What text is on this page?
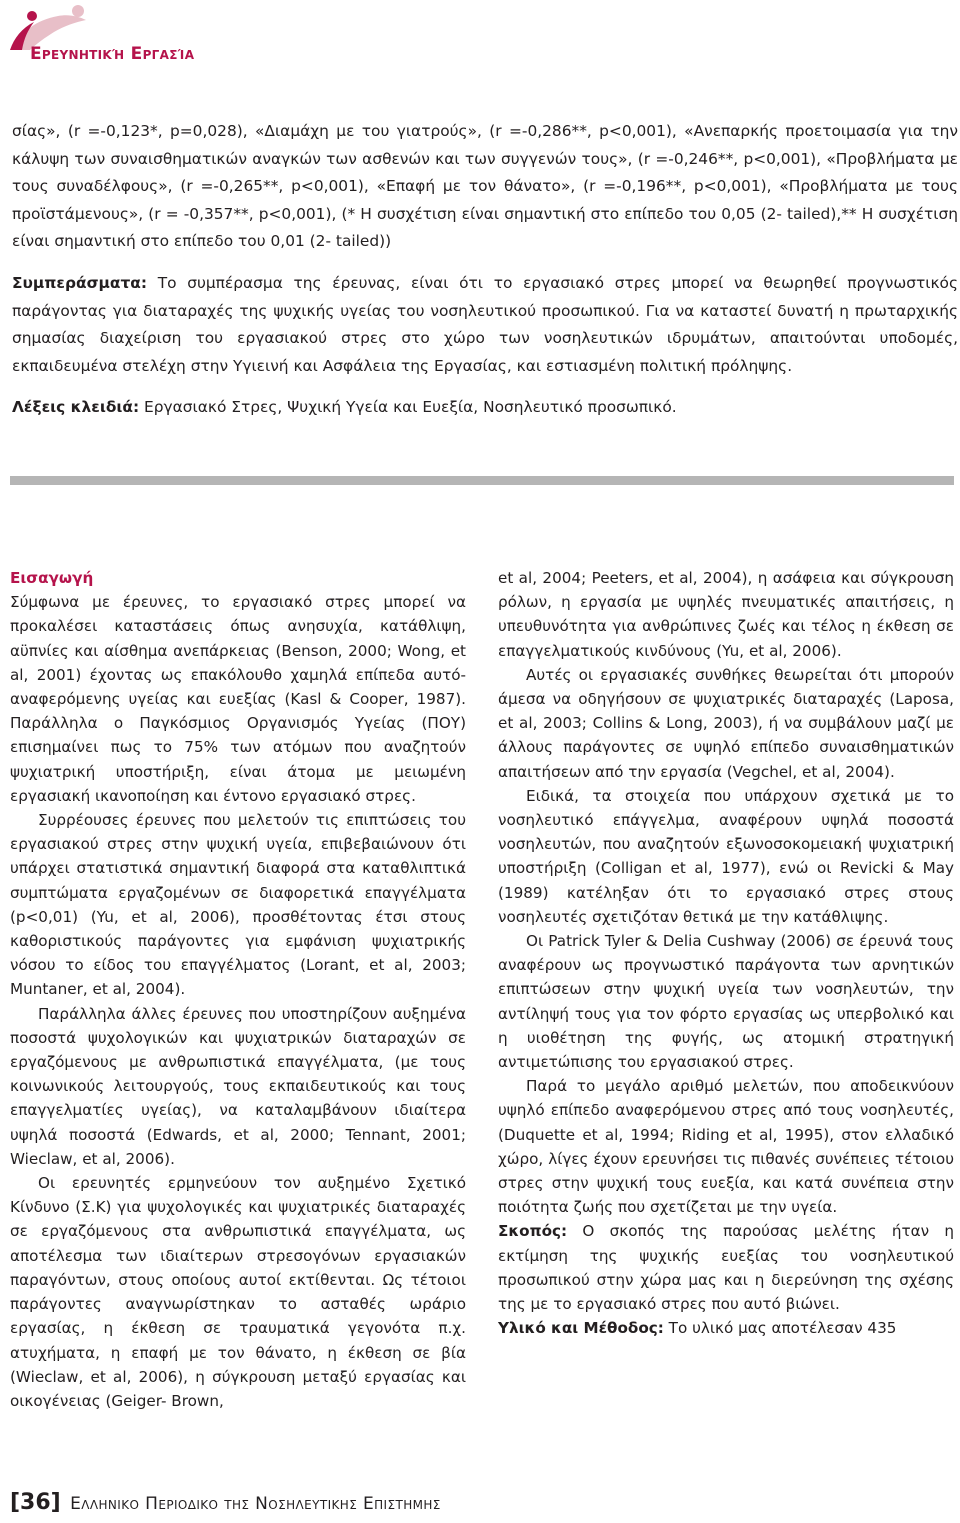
Ερευνητική Εργασία

σίας», (r =-0,123*, p=0,028), «Διαμάχη με του γιατρούς», (r =-0,286**, p<0,001), «Ανεπαρκής προετοιμασία για την κάλυψη των συναισθηματικών αναγκών των ασθενών και των συγγενών τους», (r =-0,246**, p<0,001), «Προβλήματα με τους συναδέλφους», (r =-0,265**, p<0,001), «Επαφή με τον θάνατο», (r =-0,196**, p<0,001), «Προβλήματα με τους προϊστάμενους», (r = -0,357**, p<0,001), (* Η συσχέτιση είναι σημαντική στο επίπεδο του 0,05 (2- tailed),** Η συσχέτιση είναι σημαντική στο επίπεδο του 0,01 (2- tailed))

Συμπεράσματα: Το συμπέρασμα της έρευνας, είναι ότι το εργασιακό στρες μπορεί να θεωρηθεί προγνωστικός παράγοντας για διαταραχές της ψυχικής υγείας του νοσηλευτικού προσωπικού. Για να καταστεί δυνατή η πρωταρχικής σημασίας διαχείριση του εργασιακού στρες στο χώρο των νοσηλευτικών ιδρυμάτων, απαιτούνται υποδομές, εκπαιδευμένα στελέχη στην Υγιεινή και Ασφάλεια της Εργασίας, και εστιασμένη πολιτική πρόληψης.

Λέξεις κλειδιά: Εργασιακό Στρες, Ψυχική Υγεία και Ευεξία, Νοσηλευτικό προσωπικό.

Εισαγωγή

Σύμφωνα με έρευνες, το εργασιακό στρες μπορεί να προκαλέσει καταστάσεις όπως ανησυχία, κατάθλιψη, αϋπνίες και αίσθημα ανεπάρκειας (Benson, 2000; Wong, et al, 2001) έχοντας ως επακόλουθο χαμηλά επίπεδα αυτό-αναφερόμενης υγείας και ευεξίας (Kasl & Cooper, 1987). Παράλληλα ο Παγκόσμιος Οργανισμός Υγείας (ΠΟΥ) επισημαίνει πως το 75% των ατόμων που αναζητούν ψυχιατρική υποστήριξη, είναι άτομα με μειωμένη εργασιακή ικανοποίηση και έντονο εργασιακό στρες.

Συρρέουσες έρευνες που μελετούν τις επιπτώσεις του εργασιακού στρες στην ψυχική υγεία, επιβεβαιώνουν ότι υπάρχει στατιστικά σημαντική διαφορά στα καταθλιπτικά συμπτώματα εργαζομένων σε διαφορετικά επαγγέλματα (p<0,01) (Yu, et al, 2006), προσθέτοντας έτσι στους καθοριστικούς παράγοντες για εμφάνιση ψυχιατρικής νόσου το είδος του επαγγέλματος (Lorant, et al, 2003; Muntaner, et al, 2004).

Παράλληλα άλλες έρευνες που υποστηρίζουν αυξημένα ποσοστά ψυχολογικών και ψυχιατρικών διαταραχών σε εργαζόμενους με ανθρωπιστικά επαγγέλματα, (με τους κοινωνικούς λειτουργούς, τους εκπαιδευτικούς και τους επαγγελματίες υγείας), να καταλαμβάνουν ιδιαίτερα υψηλά ποσοστά (Edwards, et al, 2000; Tennant, 2001; Wieclaw, et al, 2006).

Οι ερευνητές ερμηνεύουν τον αυξημένο Σχετικό Κίνδυνο (Σ.Κ) για ψυχολογικές και ψυχιατρικές διαταραχές σε εργαζόμενους στα ανθρωπιστικά επαγγέλματα, ως αποτέλεσμα των ιδιαίτερων στρεσογόνων εργασιακών παραγόντων, στους οποίους αυτοί εκτίθενται. Ως τέτοιοι παράγοντες αναγνωρίστηκαν το ασταθές ωράριο εργασίας, η έκθεση σε τραυματικά γεγονότα π.χ. ατυχήματα, η επαφή με τον θάνατο, η έκθεση σε βία (Wieclaw, et al, 2006), η σύγκρουση μεταξύ εργασίας και οικογένειας (Geiger- Brown,

et al, 2004; Peeters, et al, 2004), η ασάφεια και σύγκρουση ρόλων, η εργασία με υψηλές πνευματικές απαιτήσεις, η υπευθυνότητα για ανθρώπινες ζωές και τέλος η έκθεση σε επαγγελματικούς κινδύνους (Yu, et al, 2006).

Αυτές οι εργασιακές συνθήκες θεωρείται ότι μπορούν άμεσα να οδηγήσουν σε ψυχιατρικές διαταραχές (Laposa, et al, 2003; Collins & Long, 2003), ή να συμβάλουν μαζί με άλλους παράγοντες σε υψηλό επίπεδο συναισθηματικών απαιτήσεων από την εργασία (Vegchel, et al, 2004).

Ειδικά, τα στοιχεία που υπάρχουν σχετικά με το νοσηλευτικό επάγγελμα, αναφέρουν υψηλά ποσοστά νοσηλευτών, που αναζητούν εξωνοσοκομειακή ψυχιατρική υποστήριξη (Colligan et al, 1977), ενώ οι Revicki & May (1989) κατέληξαν ότι το εργασιακό στρες στους νοσηλευτές σχετιζόταν θετικά με την κατάθλιψης.

Οι Patrick Tyler & Delia Cushway (2006) σε έρευνά τους αναφέρουν ως προγνωστικό παράγοντα των αρνητικών επιπτώσεων στην ψυχική υγεία των νοσηλευτών, την αντίληψή τους για τον φόρτο εργασίας ως υπερβολικό και η υιοθέτηση της φυγής, ως ατομική στρατηγική αντιμετώπισης του εργασιακού στρες.

Παρά το μεγάλο αριθμό μελετών, που αποδεικνύουν υψηλό επίπεδο αναφερόμενου στρες από τους νοσηλευτές, (Duquette et al, 1994; Riding et al, 1995), στον ελλαδικό χώρο, λίγες έχουν ερευνήσει τις πιθανές συνέπειες τέτοιου στρες στην ψυχική τους ευεξία, και κατά συνέπεια στην ποιότητα ζωής που σχετίζεται με την υγεία.

Σκοπός: Ο σκοπός της παρούσας μελέτης ήταν η εκτίμηση της ψυχικής ευεξίας του νοσηλευτικού προσωπικού στην χώρα μας και η διερεύνηση της σχέσης της με το εργασιακό στρες που αυτό βιώνει.

Υλικό και Μέθοδος: Το υλικό μας αποτέλεσαν 435

[36] Ελληνικο Περιοδικο της Νοσηλευτικης Επιστημης
